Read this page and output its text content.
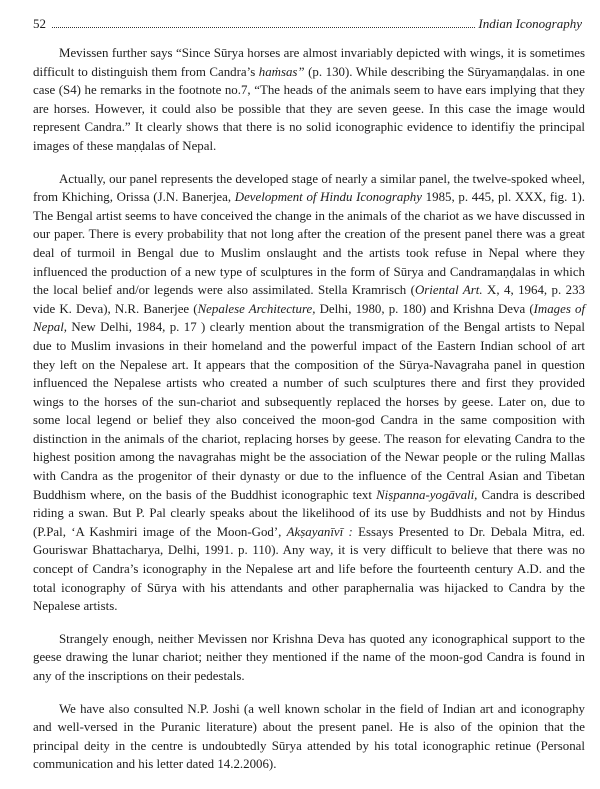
52	Indian Iconography

Mevissen further says “Since Sūrya horses are almost invariably depicted with wings, it is sometimes difficult to distinguish them from Candra’s haṁsas” (p. 130). While describing the Sūryamaṇḍalas. in one case (S4) he remarks in the footnote no.7, “The heads of the animals seem to have ears implying that they are horses. However, it could also be possible that they are seven geese. In this case the image would represent Candra.” It clearly shows that there is no solid iconographic evidence to identifiy the principal images of these maṇḍalas of Nepal.

Actually, our panel represents the developed stage of nearly a similar panel, the twelve-spoked wheel, from Khiching, Orissa (J.N. Banerjea, Development of Hindu Iconography 1985, p. 445, pl. XXX, fig. 1). The Bengal artist seems to have conceived the change in the animals of the chariot as we have discussed in our paper. There is every probability that not long after the creation of the present panel there was a great deal of turmoil in Bengal due to Muslim onslaught and the artists took refuse in Nepal where they influenced the production of a new type of sculptures in the form of Sūrya and Candramaṇḍalas in which the local belief and/or legends were also assimilated. Stella Kramrisch (Oriental Art. X, 4, 1964, p. 233 vide K. Deva), N.R. Banerjee (Nepalese Architecture, Delhi, 1980, p. 180) and Krishna Deva (Images of Nepal, New Delhi, 1984, p. 17 ) clearly mention about the transmigration of the Bengal artists to Nepal due to Muslim invasions in their homeland and the powerful impact of the Eastern Indian school of art they left on the Nepalese art. It appears that the composition of the Sūrya-Navagraha panel in question influenced the Nepalese artists who created a number of such sculptures there and first they provided wings to the horses of the sun-chariot and subsequently replaced the horses by geese. Later on, due to some local legend or belief they also conceived the moon-god Candra in the same composition with distinction in the animals of the chariot, replacing horses by geese. The reason for elevating Candra to the highest position among the navagrahas might be the association of the Newar people or the ruling Mallas with Candra as the progenitor of their dynasty or due to the influence of the Central Asian and Tibetan Buddhism where, on the basis of the Buddhist iconographic text Niṣpanna-yogāvali, Candra is described riding a swan. But P. Pal clearly speaks about the likelihood of its use by Buddhists and not by Hindus (P.Pal, ‘A Kashmiri image of the Moon-God’, Akṣayanīvī : Essays Presented to Dr. Debala Mitra, ed. Gouriswar Bhattacharya, Delhi, 1991. p. 110). Any way, it is very difficult to believe that there was no concept of Candra’s iconography in the Nepalese art and life before the fourteenth century A.D. and the total iconography of Sūrya with his attendants and other paraphernalia was hijacked to Candra by the Nepalese artists.

Strangely enough, neither Mevissen nor Krishna Deva has quoted any iconographical support to the geese drawing the lunar chariot; neither they mentioned if the name of the moon-god Candra is found in any of the inscriptions on their pedestals.

We have also consulted N.P. Joshi (a well known scholar in the field of Indian art and iconography and well-versed in the Puranic literature) about the present panel. He is also of the opinion that the principal deity in the centre is undoubtedly Sūrya attended by his total iconographic retinue (Personal communication and his letter dated 14.2.2006).
